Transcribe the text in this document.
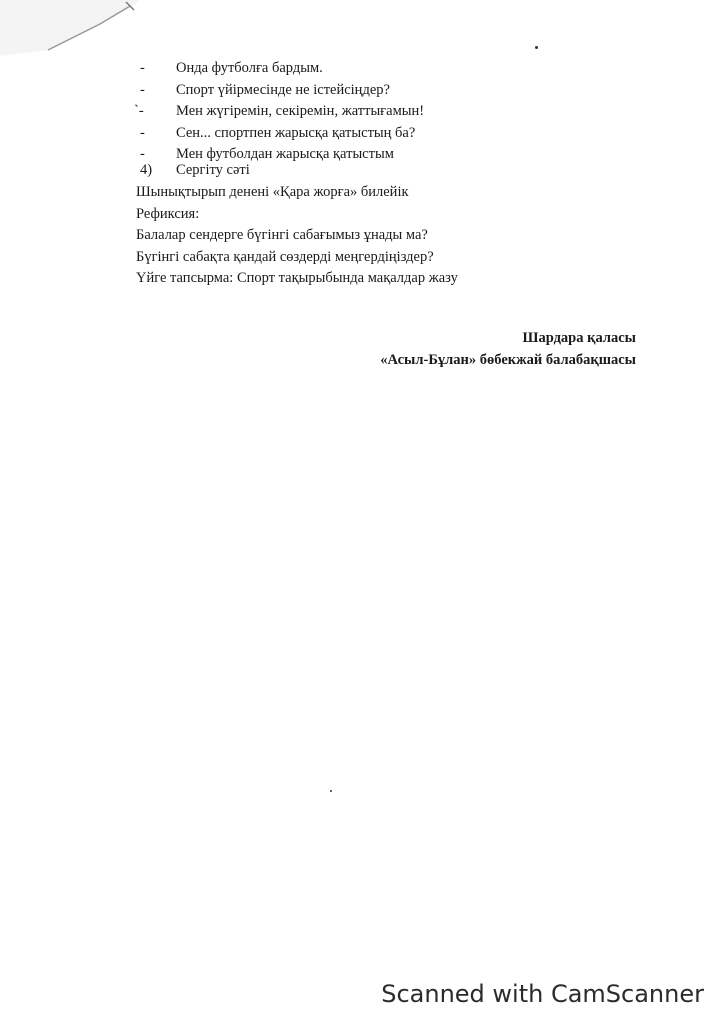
-	Онда футболға бардым.
-	Спорт үйірмесінде не істейсіңдер?
`- Мен жүгіремін, секіремін, жаттығамын!
-	Сен... спортпен жарысқа қатыстың ба?
-	Мен футболдан жарысқа қатыстым
4) Сергіту сәті
Шынықтырып денені «Қара жорға» билейік
Рефиксия:
Балалар сендерге бүгінгі сабағымыз ұнады ма?
Бүгінгі сабақта қандай сөздерді меңгердіңіздер?
Үйге тапсырма: Спорт тақырыбында мақалдар жазу
Шардара қаласы
«Асыл-Бұлан» бөбекжай балабақшасы
Scanned with CamScanner
